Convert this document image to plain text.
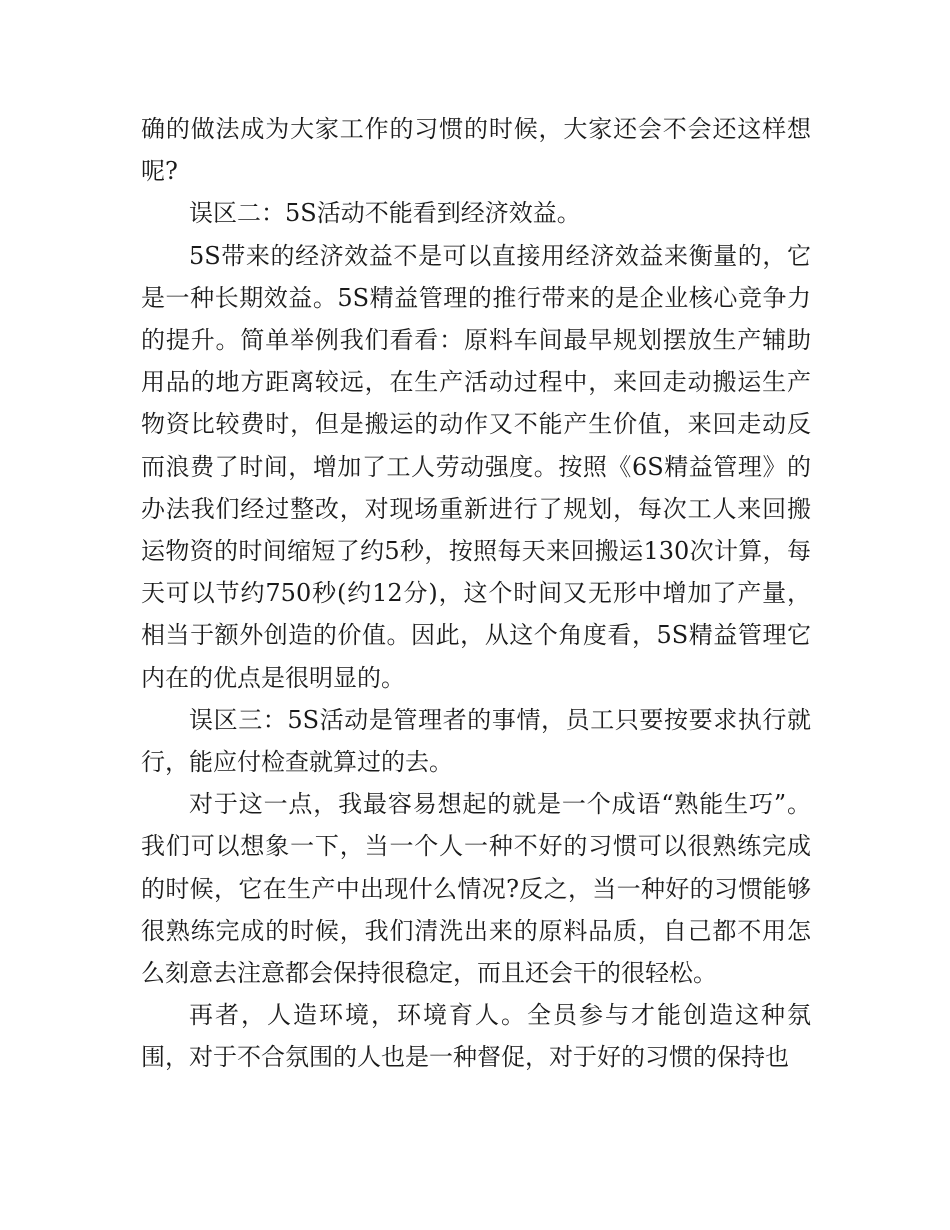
确的做法成为大家工作的习惯的时候，大家还会不会还这样想呢?

误区二：5S活动不能看到经济效益。

5S带来的经济效益不是可以直接用经济效益来衡量的，它是一种长期效益。5S精益管理的推行带来的是企业核心竞争力的提升。简单举例我们看看：原料车间最早规划摆放生产辅助用品的地方距离较远，在生产活动过程中，来回走动搬运生产物资比较费时，但是搬运的动作又不能产生价值，来回走动反而浪费了时间，增加了工人劳动强度。按照《6S精益管理》的办法我们经过整改，对现场重新进行了规划，每次工人来回搬运物资的时间缩短了约5秒，按照每天来回搬运130次计算，每天可以节约750秒(约12分)，这个时间又无形中增加了产量，相当于额外创造的价值。因此，从这个角度看，5S精益管理它内在的优点是很明显的。

误区三：5S活动是管理者的事情，员工只要按要求执行就行，能应付检查就算过的去。

对于这一点，我最容易想起的就是一个成语“熟能生巧”。我们可以想象一下，当一个人一种不好的习惯可以很熟练完成的时候，它在生产中出现什么情况?反之，当一种好的习惯能够很熟练完成的时候，我们清洗出来的原料品质，自己都不用怎么刻意去注意都会保持很稳定，而且还会干的很轻松。

再者，人造环境，环境育人。全员参与才能创造这种氛围，对于不合氛围的人也是一种督促，对于好的习惯的保持也
